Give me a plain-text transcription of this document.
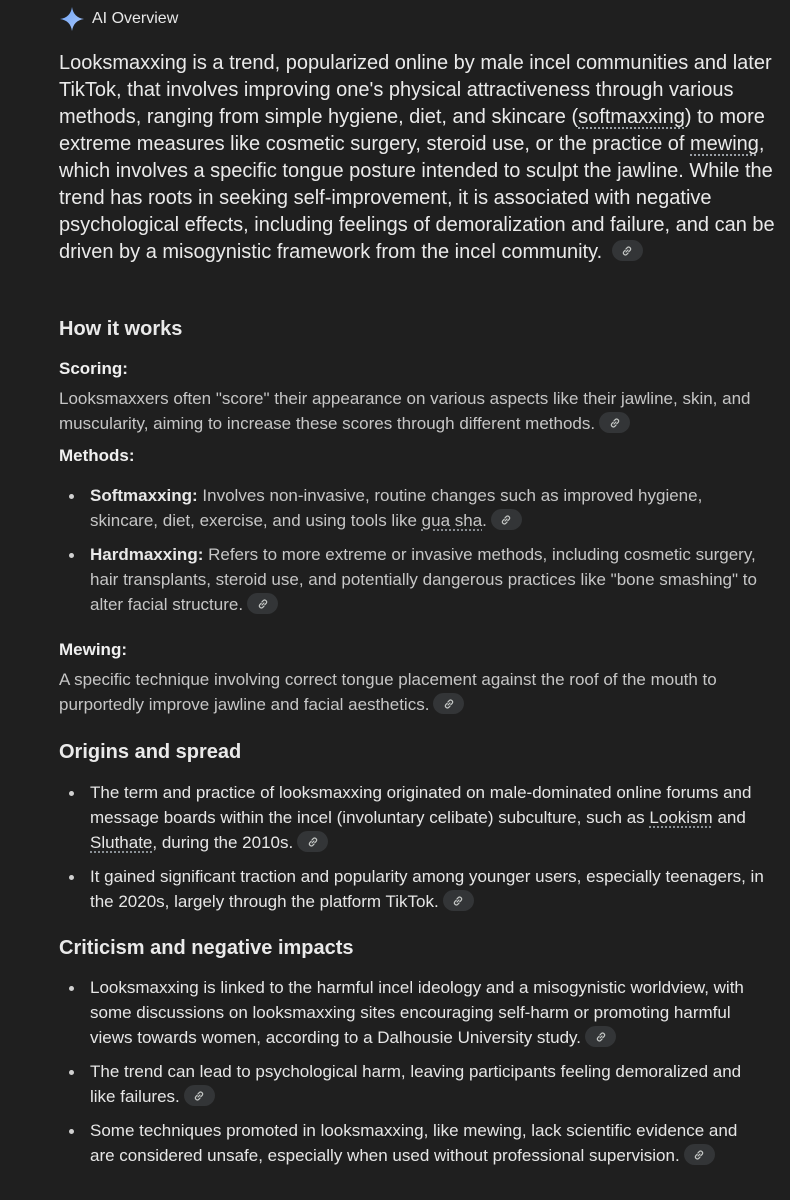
AI Overview

Looksmaxxing is a trend, popularized online by male incel communities and later TikTok, that involves improving one's physical attractiveness through various methods, ranging from simple hygiene, diet, and skincare (softmaxxing) to more extreme measures like cosmetic surgery, steroid use, or the practice of mewing, which involves a specific tongue posture intended to sculpt the jawline. While the trend has roots in seeking self-improvement, it is associated with negative psychological effects, including feelings of demoralization and failure, and can be driven by a misogynistic framework from the incel community.

How it works
Scoring:

Looksmaxxers often "score" their appearance on various aspects like their jawline, skin, and muscularity, aiming to increase these scores through different methods.

Methods:
Softmaxxing: Involves non-invasive, routine changes such as improved hygiene, skincare, diet, exercise, and using tools like gua sha.
Hardmaxxing: Refers to more extreme or invasive methods, including cosmetic surgery, hair transplants, steroid use, and potentially dangerous practices like "bone smashing" to alter facial structure.
Mewing:

A specific technique involving correct tongue placement against the roof of the mouth to purportedly improve jawline and facial aesthetics.

Origins and spread
The term and practice of looksmaxxing originated on male-dominated online forums and message boards within the incel (involuntary celibate) subculture, such as Lookism and Sluthate, during the 2010s.
It gained significant traction and popularity among younger users, especially teenagers, in the 2020s, largely through the platform TikTok.
Criticism and negative impacts
Looksmaxxing is linked to the harmful incel ideology and a misogynistic worldview, with some discussions on looksmaxxing sites encouraging self-harm or promoting harmful views towards women, according to a Dalhousie University study.
The trend can lead to psychological harm, leaving participants feeling demoralized and like failures.
Some techniques promoted in looksmaxxing, like mewing, lack scientific evidence and are considered unsafe, especially when used without professional supervision.
